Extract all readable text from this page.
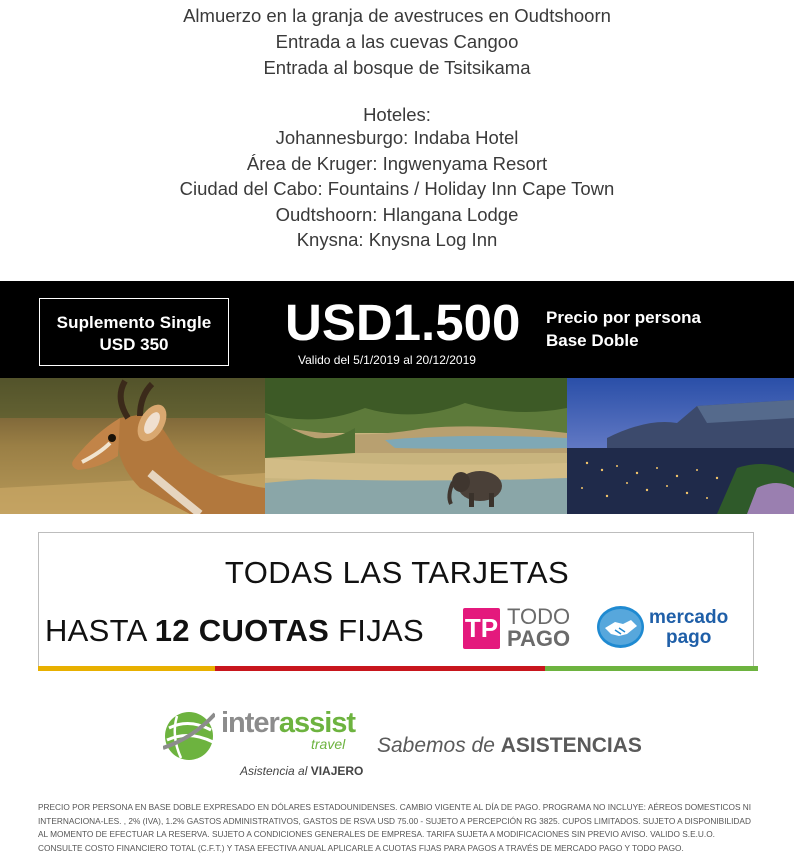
Almuerzo en la granja de avestruces en Oudtshoorn
Entrada a las cuevas Cangoo
Entrada al bosque de Tsitsikama
Hoteles:
Johannesburgo: Indaba Hotel
Área de Kruger: Ingwenyama Resort
Ciudad del Cabo: Fountains / Holiday Inn Cape Town
Oudtshoorn: Hlangana Lodge
Knysna: Knysna Log Inn
Suplemento Single
USD 350	USD1.500
Valido del 5/1/2019 al 20/12/2019
Precio por persona
Base Doble
TODAS LAS TARJETAS
HASTA 12 CUOTAS FIJAS TP TODO
PAGO
mercado
pago
interassist
travel
Asistencia al VIAJERO
Sabemos de ASISTENCIAS
PRECIO POR PERSONA EN BASE DOBLE EXPRESADO EN DÓLARES ESTADOUNIDENSES. CAMBIO VIGENTE AL DÍA DE PAGO. PROGRAMA NO INCLUYE: AÉREOS DOMESTICOS NI INTERNACIONA-LES. , 2% (IVA), 1.2% GASTOS ADMINISTRATIVOS, GASTOS DE RSVA USD 75.00 - SUJETO A PERCEPCIÓN RG 3825. CUPOS LIMITADOS. SUJETO A DISPONIBILIDAD AL MOMENTO DE EFECTUAR LA RESERVA. SUJETO A CONDICIONES GENERALES DE EMPRESA. TARIFA SUJETA A MODIFICACIONES SIN PREVIO AVISO. VALIDO S.E.U.O. CONSULTE COSTO FINANCIERO TOTAL (C.F.T.) Y TASA EFECTIVA ANUAL APLICARLE A CUOTAS FIJAS PARA PAGOS A TRAVÉS DE MERCADO PAGO Y TODO PAGO.
